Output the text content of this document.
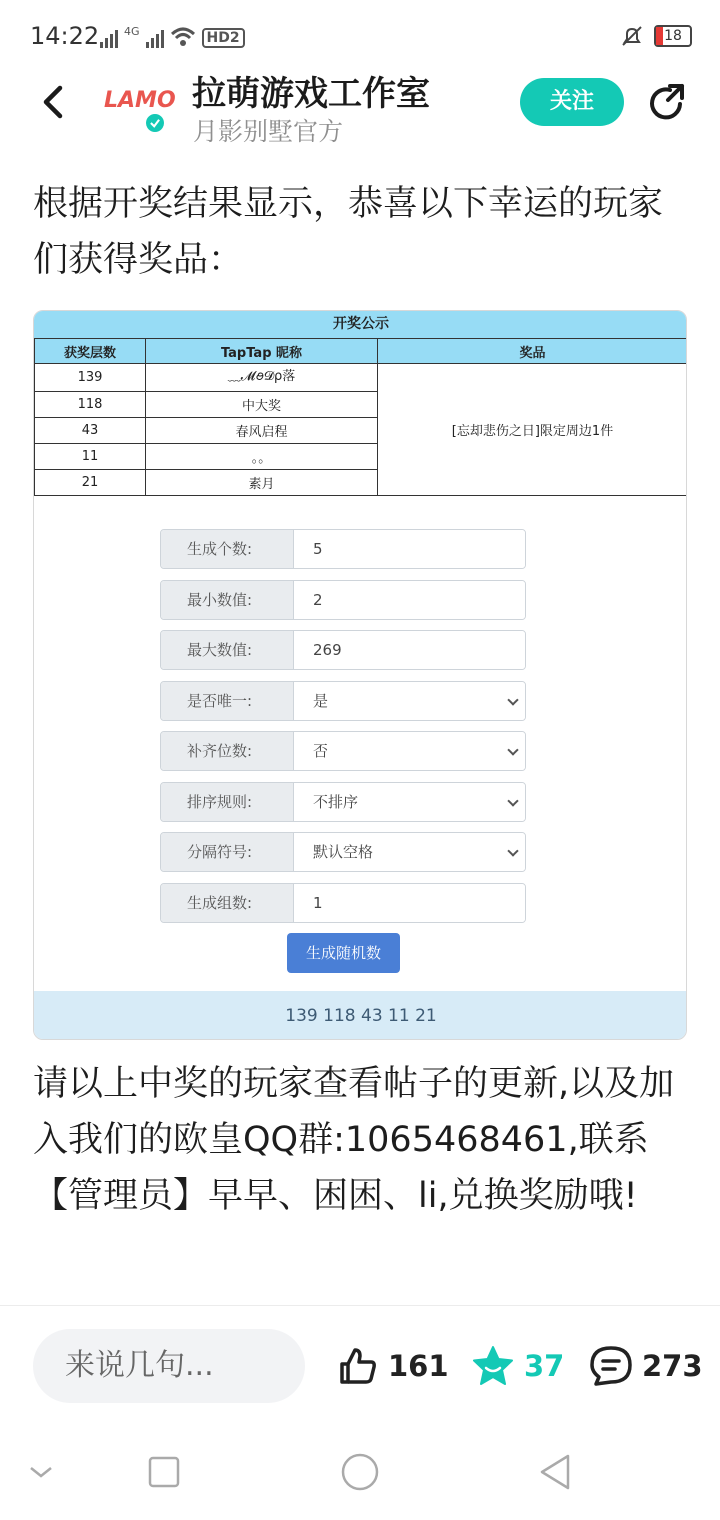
14:22 4G	HD2	18
LAMO 拉萌游戏工作室
月影别墅官方
关注
根据开奖结果显示，恭喜以下幸运的玩家们获得奖品：
开奖公示
获奖层数	TapTap 昵称	奖品
139	﹏𝓜ꪮ𝓓ρ落	[忘却悲伤之日]限定周边1件
118	中大奖	
43	春风启程	
11	。。	
21	素月	
生成个数:	5
最小数值:	2
最大数值:	269
是否唯一:	是
补齐位数:	否
排序规则:	不排序
分隔符号:	默认空格
生成组数:	1
生成随机数
139 118 43 11 21
请以上中奖的玩家查看帖子的更新,以及加入我们的欧皇QQ群:1065468461,联系【管理员】早早、困困、li,兑换奖励哦!
来说几句...	161	37	273
